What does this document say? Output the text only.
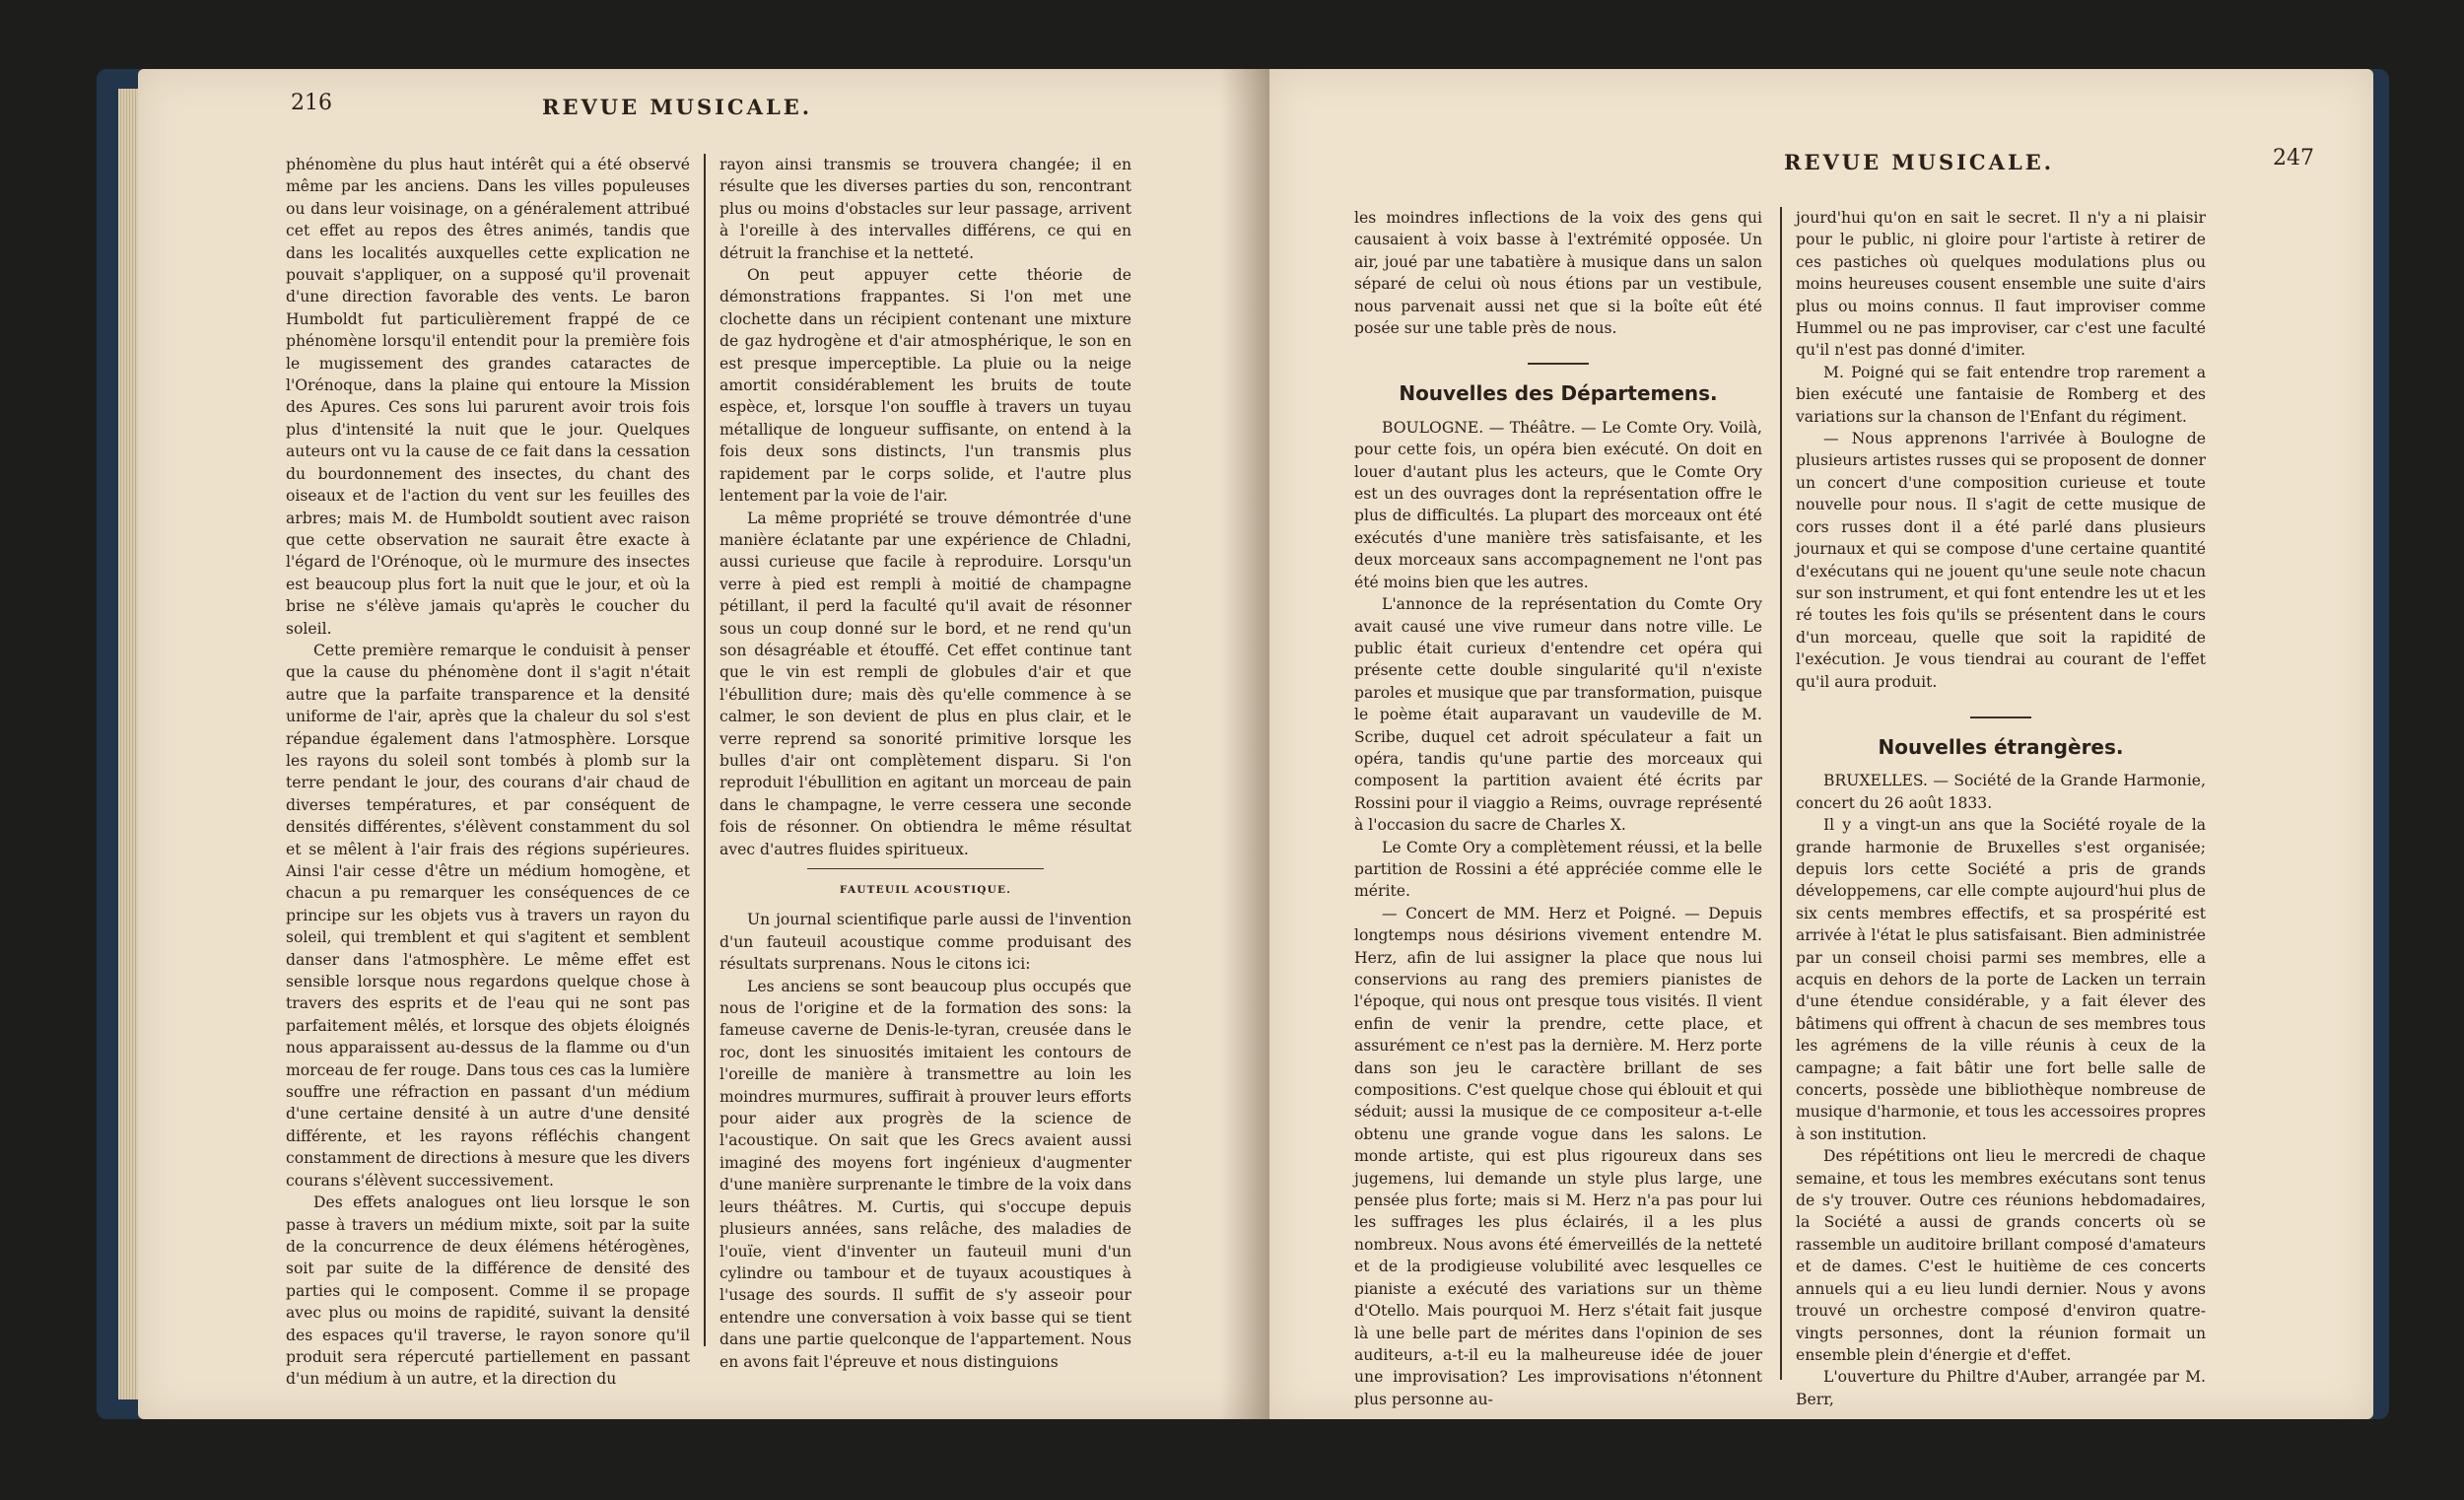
216	REVUE MUSICALE.

phénomène du plus haut intérêt qui a été observé même par les anciens. Dans les villes populeuses ou dans leur voisinage, on a généralement attribué cet effet au repos des êtres animés, tandis que dans les localités auxquelles cette explication ne pouvait s'appliquer, on a supposé qu'il provenait d'une direction favorable des vents. Le baron Humboldt fut particulièrement frappé de ce phénomène lorsqu'il entendit pour la première fois le mugissement des grandes cataractes de l'Orénoque, dans la plaine qui entoure la Mission des Apures. Ces sons lui parurent avoir trois fois plus d'intensité la nuit que le jour. Quelques auteurs ont vu la cause de ce fait dans la cessation du bourdonnement des insectes, du chant des oiseaux et de l'action du vent sur les feuilles des arbres; mais M. de Humboldt soutient avec raison que cette observation ne saurait être exacte à l'égard de l'Orénoque, où le murmure des insectes est beaucoup plus fort la nuit que le jour, et où la brise ne s'élève jamais qu'après le coucher du soleil.

Cette première remarque le conduisit à penser que la cause du phénomène dont il s'agit n'était autre que la parfaite transparence et la densité uniforme de l'air, après que la chaleur du sol s'est répandue également dans l'atmosphère. Lorsque les rayons du soleil sont tombés à plomb sur la terre pendant le jour, des courans d'air chaud de diverses températures, et par conséquent de densités différentes, s'élèvent constamment du sol et se mêlent à l'air frais des régions supérieures. Ainsi l'air cesse d'être un médium homogène, et chacun a pu remarquer les conséquences de ce principe sur les objets vus à travers un rayon du soleil, qui tremblent et qui s'agitent et semblent danser dans l'atmosphère. Le même effet est sensible lorsque nous regardons quelque chose à travers des esprits et de l'eau qui ne sont pas parfaitement mêlés, et lorsque des objets éloignés nous apparaissent au-dessus de la flamme ou d'un morceau de fer rouge. Dans tous ces cas la lumière souffre une réfraction en passant d'un médium d'une certaine densité à un autre d'une densité différente, et les rayons réfléchis changent constamment de directions à mesure que les divers courans s'élèvent successivement.

Des effets analogues ont lieu lorsque le son passe à travers un médium mixte, soit par la suite de la concurrence de deux élémens hétérogènes, soit par suite de la différence de densité des parties qui le composent. Comme il se propage avec plus ou moins de rapidité, suivant la densité des espaces qu'il traverse, le rayon sonore qu'il produit sera répercuté partiellement en passant d'un médium à un autre, et la direction du

rayon ainsi transmis se trouvera changée; il en résulte que les diverses parties du son, rencontrant plus ou moins d'obstacles sur leur passage, arrivent à l'oreille à des intervalles différens, ce qui en détruit la franchise et la netteté.

On peut appuyer cette théorie de démonstrations frappantes. Si l'on met une clochette dans un récipient contenant une mixture de gaz hydrogène et d'air atmosphérique, le son en est presque imperceptible. La pluie ou la neige amortit considérablement les bruits de toute espèce, et, lorsque l'on souffle à travers un tuyau métallique de longueur suffisante, on entend à la fois deux sons distincts, l'un transmis plus rapidement par le corps solide, et l'autre plus lentement par la voie de l'air.

La même propriété se trouve démontrée d'une manière éclatante par une expérience de Chladni, aussi curieuse que facile à reproduire. Lorsqu'un verre à pied est rempli à moitié de champagne pétillant, il perd la faculté qu'il avait de résonner sous un coup donné sur le bord, et ne rend qu'un son désagréable et étouffé. Cet effet continue tant que le vin est rempli de globules d'air et que l'ébullition dure; mais dès qu'elle commence à se calmer, le son devient de plus en plus clair, et le verre reprend sa sonorité primitive lorsque les bulles d'air ont complètement disparu. Si l'on reproduit l'ébullition en agitant un morceau de pain dans le champagne, le verre cessera une seconde fois de résonner. On obtiendra le même résultat avec d'autres fluides spiritueux.

FAUTEUIL ACOUSTIQUE.

Un journal scientifique parle aussi de l'invention d'un fauteuil acoustique comme produisant des résultats surprenans. Nous le citons ici:

Les anciens se sont beaucoup plus occupés que nous de l'origine et de la formation des sons: la fameuse caverne de Denis-le-tyran, creusée dans le roc, dont les sinuosités imitaient les contours de l'oreille de manière à transmettre au loin les moindres murmures, suffirait à prouver leurs efforts pour aider aux progrès de la science de l'acoustique. On sait que les Grecs avaient aussi imaginé des moyens fort ingénieux d'augmenter d'une manière surprenante le timbre de la voix dans leurs théâtres. M. Curtis, qui s'occupe depuis plusieurs années, sans relâche, des maladies de l'ouïe, vient d'inventer un fauteuil muni d'un cylindre ou tambour et de tuyaux acoustiques à l'usage des sourds. Il suffit de s'y asseoir pour entendre une conversation à voix basse qui se tient dans une partie quelconque de l'appartement. Nous en avons fait l'épreuve et nous distinguions

REVUE MUSICALE.	247

les moindres inflections de la voix des gens qui causaient à voix basse à l'extrémité opposée. Un air, joué par une tabatière à musique dans un salon séparé de celui où nous étions par un vestibule, nous parvenait aussi net que si la boîte eût été posée sur une table près de nous.

Nouvelles des Départemens.

BOULOGNE. — Théâtre. — Le Comte Ory. Voilà, pour cette fois, un opéra bien exécuté. On doit en louer d'autant plus les acteurs, que le Comte Ory est un des ouvrages dont la représentation offre le plus de difficultés. La plupart des morceaux ont été exécutés d'une manière très satisfaisante, et les deux morceaux sans accompagnement ne l'ont pas été moins bien que les autres.

L'annonce de la représentation du Comte Ory avait causé une vive rumeur dans notre ville. Le public était curieux d'entendre cet opéra qui présente cette double singularité qu'il n'existe paroles et musique que par transformation, puisque le poème était auparavant un vaudeville de M. Scribe, duquel cet adroit spéculateur a fait un opéra, tandis qu'une partie des morceaux qui composent la partition avaient été écrits par Rossini pour il viaggio a Reims, ouvrage représenté à l'occasion du sacre de Charles X.

Le Comte Ory a complètement réussi, et la belle partition de Rossini a été appréciée comme elle le mérite.

— Concert de MM. Herz et Poigné. — Depuis longtemps nous désirions vivement entendre M. Herz, afin de lui assigner la place que nous lui conservions au rang des premiers pianistes de l'époque, qui nous ont presque tous visités. Il vient enfin de venir la prendre, cette place, et assurément ce n'est pas la dernière. M. Herz porte dans son jeu le caractère brillant de ses compositions. C'est quelque chose qui éblouit et qui séduit; aussi la musique de ce compositeur a-t-elle obtenu une grande vogue dans les salons. Le monde artiste, qui est plus rigoureux dans ses jugemens, lui demande un style plus large, une pensée plus forte; mais si M. Herz n'a pas pour lui les suffrages les plus éclairés, il a les plus nombreux. Nous avons été émerveillés de la netteté et de la prodigieuse volubilité avec lesquelles ce pianiste a exécuté des variations sur un thème d'Otello. Mais pourquoi M. Herz s'était fait jusque là une belle part de mérites dans l'opinion de ses auditeurs, a-t-il eu la malheureuse idée de jouer une improvisation? Les improvisations n'étonnent plus personne au-

jourd'hui qu'on en sait le secret. Il n'y a ni plaisir pour le public, ni gloire pour l'artiste à retirer de ces pastiches où quelques modulations plus ou moins heureuses cousent ensemble une suite d'airs plus ou moins connus. Il faut improviser comme Hummel ou ne pas improviser, car c'est une faculté qu'il n'est pas donné d'imiter.

M. Poigné qui se fait entendre trop rarement a bien exécuté une fantaisie de Romberg et des variations sur la chanson de l'Enfant du régiment.

— Nous apprenons l'arrivée à Boulogne de plusieurs artistes russes qui se proposent de donner un concert d'une composition curieuse et toute nouvelle pour nous. Il s'agit de cette musique de cors russes dont il a été parlé dans plusieurs journaux et qui se compose d'une certaine quantité d'exécutans qui ne jouent qu'une seule note chacun sur son instrument, et qui font entendre les ut et les ré toutes les fois qu'ils se présentent dans le cours d'un morceau, quelle que soit la rapidité de l'exécution. Je vous tiendrai au courant de l'effet qu'il aura produit.

Nouvelles étrangères.

BRUXELLES. — Société de la Grande Harmonie, concert du 26 août 1833.

Il y a vingt-un ans que la Société royale de la grande harmonie de Bruxelles s'est organisée; depuis lors cette Société a pris de grands développemens, car elle compte aujourd'hui plus de six cents membres effectifs, et sa prospérité est arrivée à l'état le plus satisfaisant. Bien administrée par un conseil choisi parmi ses membres, elle a acquis en dehors de la porte de Lacken un terrain d'une étendue considérable, y a fait élever des bâtimens qui offrent à chacun de ses membres tous les agrémens de la ville réunis à ceux de la campagne; a fait bâtir une fort belle salle de concerts, possède une bibliothèque nombreuse de musique d'harmonie, et tous les accessoires propres à son institution.

Des répétitions ont lieu le mercredi de chaque semaine, et tous les membres exécutans sont tenus de s'y trouver. Outre ces réunions hebdomadaires, la Société a aussi de grands concerts où se rassemble un auditoire brillant composé d'amateurs et de dames. C'est le huitième de ces concerts annuels qui a eu lieu lundi dernier. Nous y avons trouvé un orchestre composé d'environ quatre-vingts personnes, dont la réunion formait un ensemble plein d'énergie et d'effet.

L'ouverture du Philtre d'Auber, arrangée par M. Berr,
